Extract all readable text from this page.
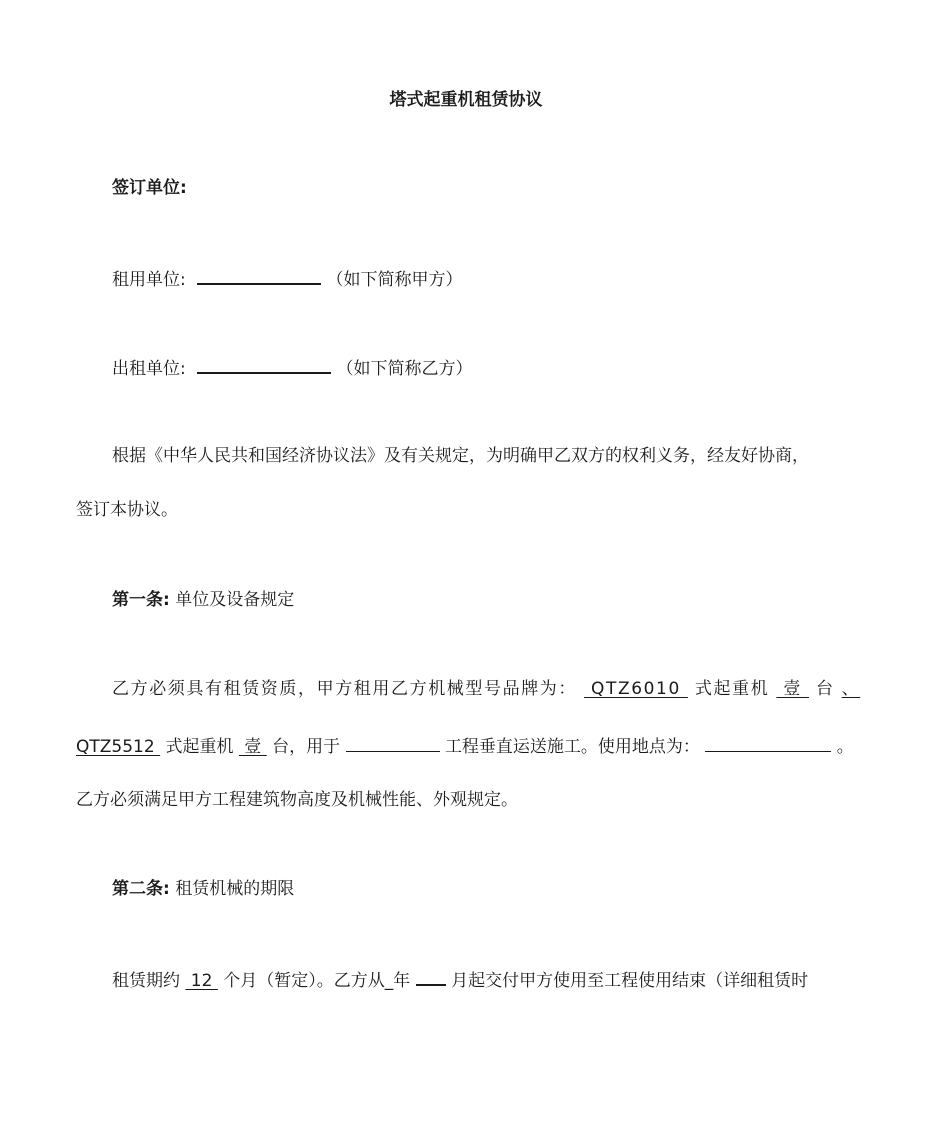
塔式起重机租赁协议
签订单位:
租用单位:	（如下简称甲方）
出租单位:	（如下简称乙方）
根据《中华人民共和国经济协议法》及有关规定，为明确甲乙双方的权利义务，经友好协商，
签订本协议。
第一条: 单位及设备规定
乙方必须具有租赁资质，甲方租用乙方机械型号品牌为：  QTZ6010  式起重机  壹  台 、
QTZ5512  式起重机  壹  台，用于	工程垂直运送施工。使用地点为：	。
乙方必须满足甲方工程建筑物高度及机械性能、外观规定。
第二条: 租赁机械的期限
租赁期约  12  个月（暂定）。乙方从_年 月起交付甲方使用至工程使用结束（详细租赁时
